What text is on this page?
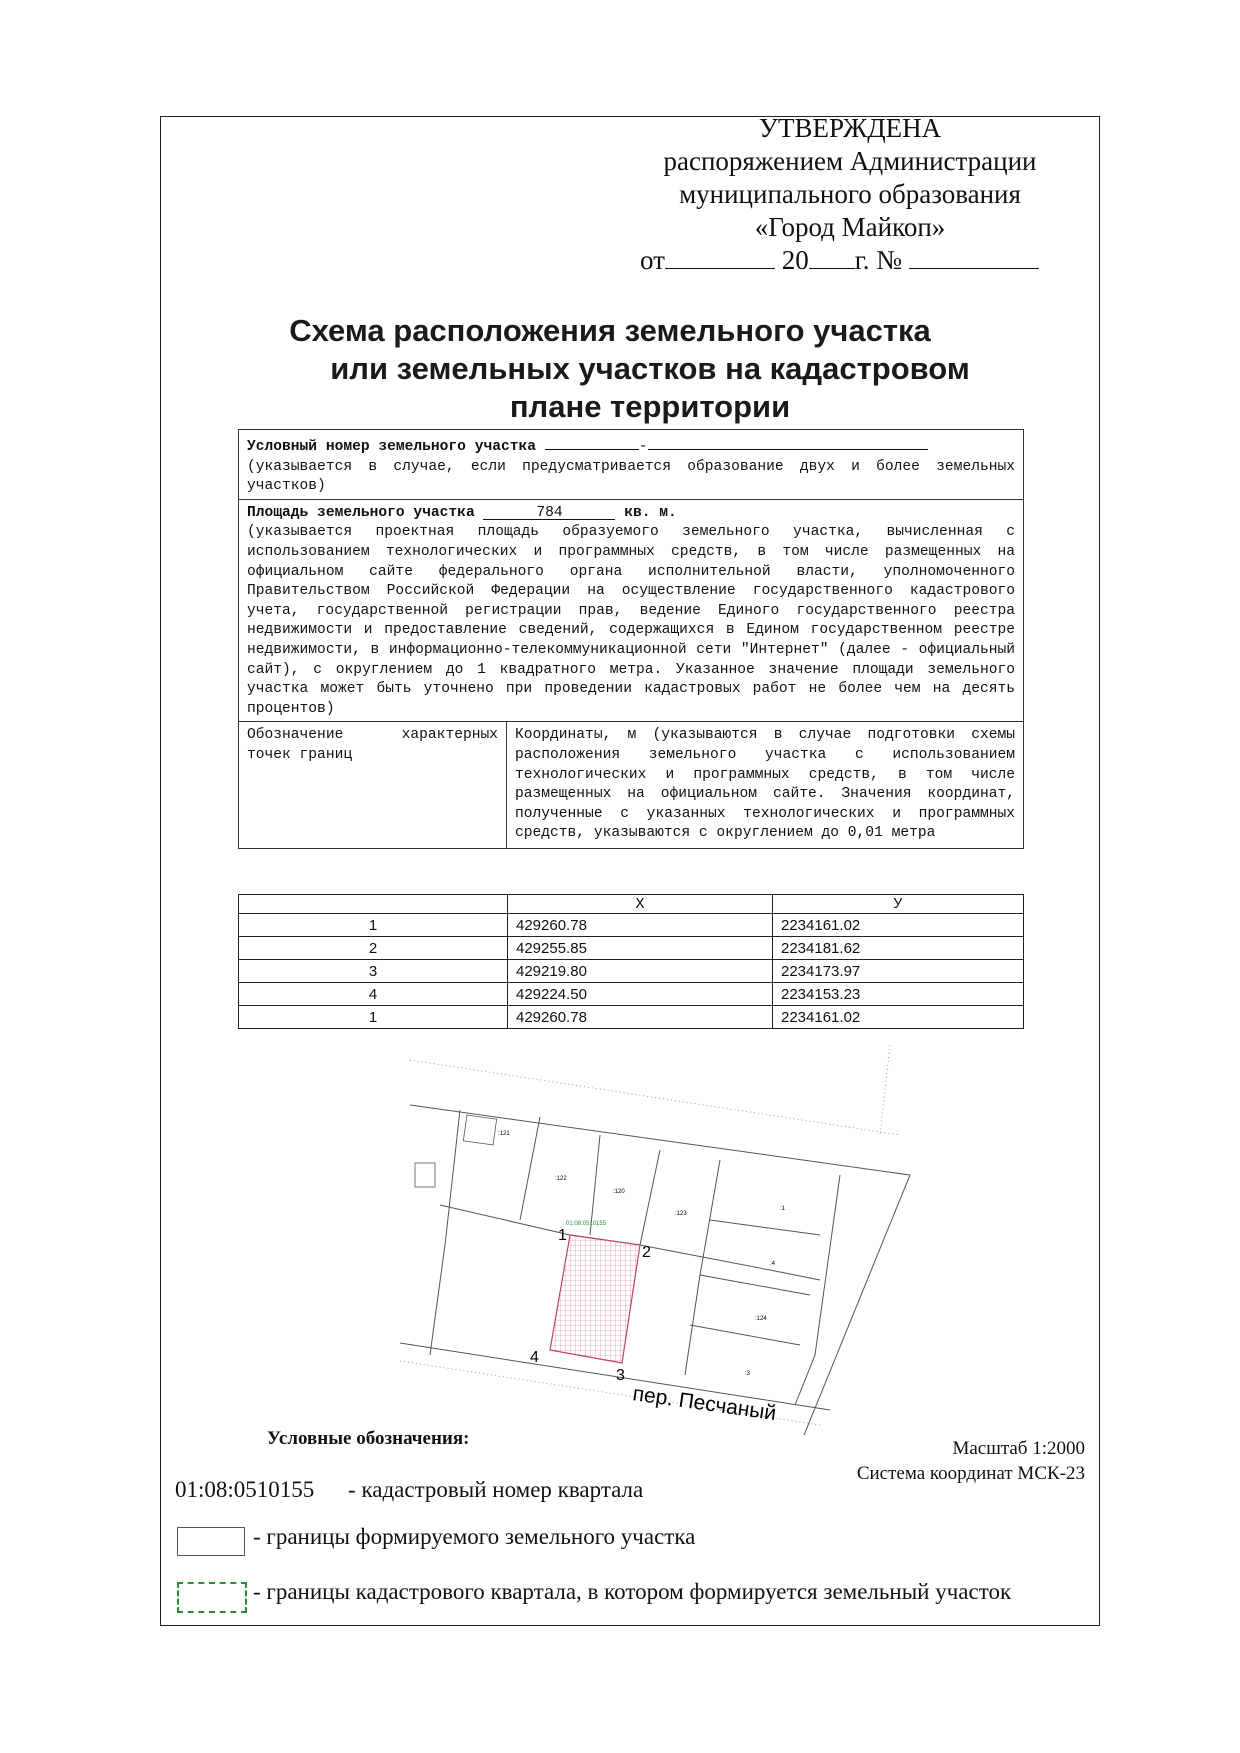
УТВЕРЖДЕНА
распоряжением Администрации
муниципального образования
«Город Майкоп»
от	20 г. №
Схема расположения земельного участка
или земельных участков на кадастровом
плане территории
Условный номер земельного участка	-
(указывается в случае, если предусматривается образование двух и более земельных участков)
Площадь земельного участка	784	кв. м.
(указывается проектная площадь образуемого земельного участка, вычисленная с использованием технологических и программных средств, в том числе размещенных на официальном сайте федерального органа исполнительной власти, уполномоченного Правительством Российской Федерации на осуществление государственного кадастрового учета, государственной регистрации прав, ведение Единого государственного реестра недвижимости и предоставление сведений, содержащихся в Едином государственном реестре недвижимости, в информационно-телекоммуникационной сети "Интернет" (далее - официальный сайт), с округлением до 1 квадратного метра. Указанное значение площади земельного участка может быть уточнено при проведении кадастровых работ не более чем на десять процентов)
Обозначение характерных точек границ
Координаты, м (указываются в случае подготовки схемы расположения земельного участка с использованием технологических и программных средств, в том числе размещенных на официальном сайте. Значения координат, полученные с указанных технологических и программных средств, указываются с округлением до 0,01 метра
	X	У
1	429260.78	2234161.02
2	429255.85	2234181.62
3	429219.80	2234173.97
4	429224.50	2234153.23
1	429260.78	2234161.02
:121
:122
:120
:123
:1
:4
:124
:3
01:08:0510155
1
2
3
4
пер. Песчаный
Условные обозначения:	Масштаб 1:2000
Система координат МСК-23
01:08:0510155 - кадастровый номер квартала
- границы формируемого земельного участка
- границы кадастрового квартала, в котором формируется земельный участок
